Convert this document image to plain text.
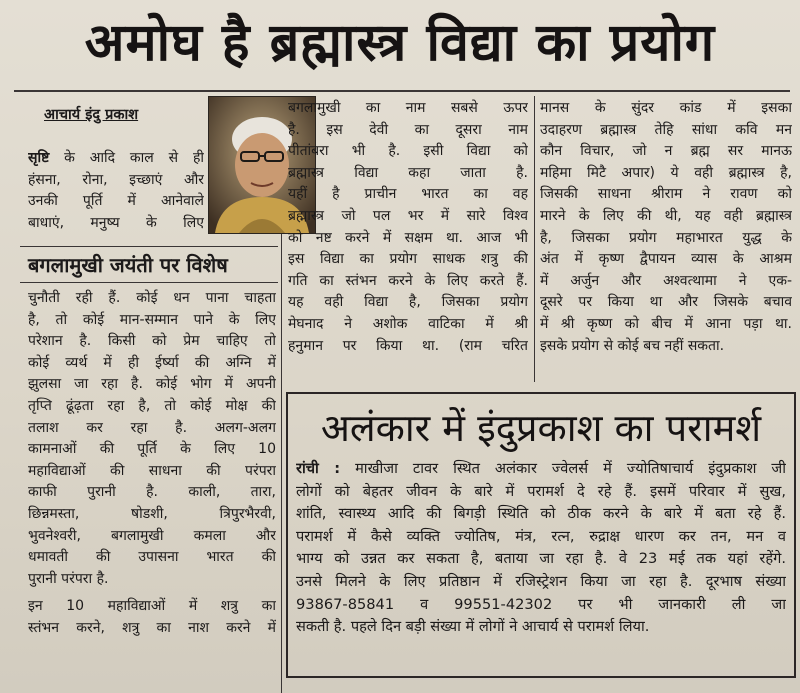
अमोघ है ब्रह्मास्त्र विद्या का प्रयोग
आचार्य इंदु प्रकाश
सृष्टि के आदि काल से ही
हंसना, रोना, इच्छाएं और
उनकी पूर्ति में आनेवाले
बाधाएं, मनुष्य के लिए
बगलामुखी जयंती पर विशेष
चुनौती रही हैं. कोई धन पाना चाहता
है, तो कोई मान-सम्मान पाने के लिए
परेशान है. किसी को प्रेम चाहिए तो
कोई व्यर्थ में ही ईर्ष्या की अग्नि में
झुलसा जा रहा है. कोई भोग में अपनी
तृप्ति ढूंढ़ता रहा है, तो कोई मोक्ष की
तलाश कर रहा है. अलग-अलग
कामनाओं की पूर्ति के लिए 10
महाविद्याओं की साधना की परंपरा
काफी पुरानी है. काली, तारा,
छिन्नमस्ता, षोडशी, त्रिपुरभैरवी,
भुवनेश्वरी, बगलामुखी कमला और
धमावती की उपासना भारत की
पुरानी परंपरा है.
इन 10 महाविद्याओं में शत्रु का
स्तंभन करने, शत्रु का नाश करने में
बगलामुखी का नाम सबसे ऊपर
है. इस देवी का दूसरा नाम
पीतांबरा भी है. इसी विद्या को
ब्रह्मास्त्र विद्या कहा जाता है.
यहीं है प्राचीन भारत का वह
ब्रह्मास्त्र जो पल भर में सारे विश्व
को नष्ट करने में सक्षम था. आज भी
इस विद्या का प्रयोग साधक शत्रु की
गति का स्तंभन करने के लिए करते हैं.
यह वही विद्या है, जिसका प्रयोग
मेघनाद ने अशोक वाटिका में श्री
हनुमान पर किया था. (राम चरित
मानस के सुंदर कांड में इसका
उदाहरण ब्रह्मास्त्र तेहि सांधा कवि मन
कौन विचार, जो न ब्रह्म सर मानऊ
महिमा मिटै अपार) ये वही ब्रह्मास्त्र है,
जिसकी साधना श्रीराम ने रावण को
मारने के लिए की थी, यह वही ब्रह्मास्त्र
है, जिसका प्रयोग महाभारत युद्ध के
अंत में कृष्ण द्वैपायन व्यास के आश्रम
में अर्जुन और अश्वत्थामा ने एक-
दूसरे पर किया था और जिसके बचाव
में श्री कृष्ण को बीच में आना पड़ा था.
इसके प्रयोग से कोई बच नहीं सकता.
अलंकार में इंदुप्रकाश का परामर्श
रांची : माखीजा टावर स्थित अलंकार ज्वेलर्स में ज्योतिषाचार्य इंदुप्रकाश जी
लोगों को बेहतर जीवन के बारे में परामर्श दे रहे हैं. इसमें परिवार में सुख,
शांति, स्वास्थ्य आदि की बिगड़ी स्थिति को ठीक करने के बारे में बता रहे हैं.
परामर्श में कैसे व्यक्ति ज्योतिष, मंत्र, रत्न, रुद्राक्ष धारण कर तन, मन व
भाग्य को उन्नत कर सकता है, बताया जा रहा है. वे 23 मई तक यहां रहेंगे.
उनसे मिलने के लिए प्रतिष्ठान में रजिस्ट्रेशन किया जा रहा है. दूरभाष संख्या
93867-85841 व 99551-42302 पर भी जानकारी ली जा
सकती है. पहले दिन बड़ी संख्या में लोगों ने आचार्य से परामर्श लिया.
